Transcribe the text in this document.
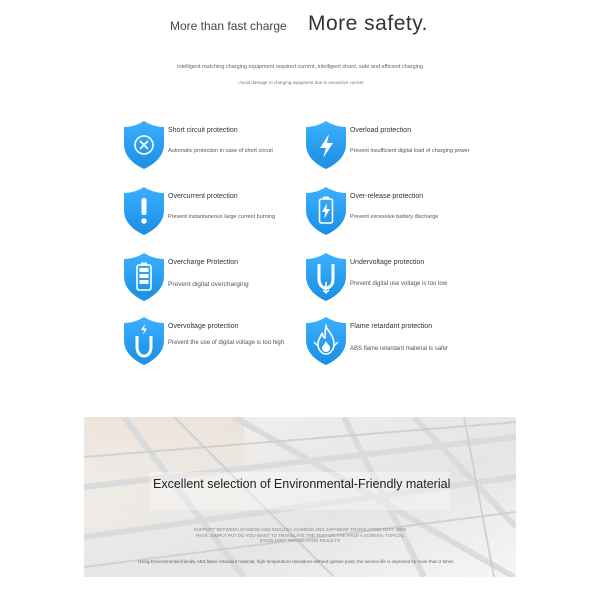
More than fast charge More safety.
Intelligent matching charging equipment required current, intelligent shunt, safe and efficient charging
- Avoid damage to charging equipment due to excessive current
Short circuit protection
Automatic protection in case of short circuit
Overload protection
Prevent insufficient digital load of charging power
Overcurrent protection
Prevent instantaneous large current burning
Over-release protection
Prevent excessive battery discharge
Overcharge Protection
Prevent digital overcharging
Undervoltage protection
Prevent digital use voltage is too low
Overvoltage protection
Prevent the use of digital voltage is too high
Flame retardant protection
ABS flame retardant material is safer
Excellent selection of Environmental-Friendly material
SUPPORT BETWEEN CHINESE AND ENGLISH, CHINESE AND JAPANESE TRANSLATION TEXT, WEB PAGE, SIMPLY PUT DO YOU WANT TO TRANSLATE THE TEXT ON THE PAGE A SCREEN, TOPICAL EXCELLENT TRANSLATION RESULTS
Using Environmental-friendly ABS flame retardant material, high temperature resistance without ignition point, the service life is improved by more than 2 times
